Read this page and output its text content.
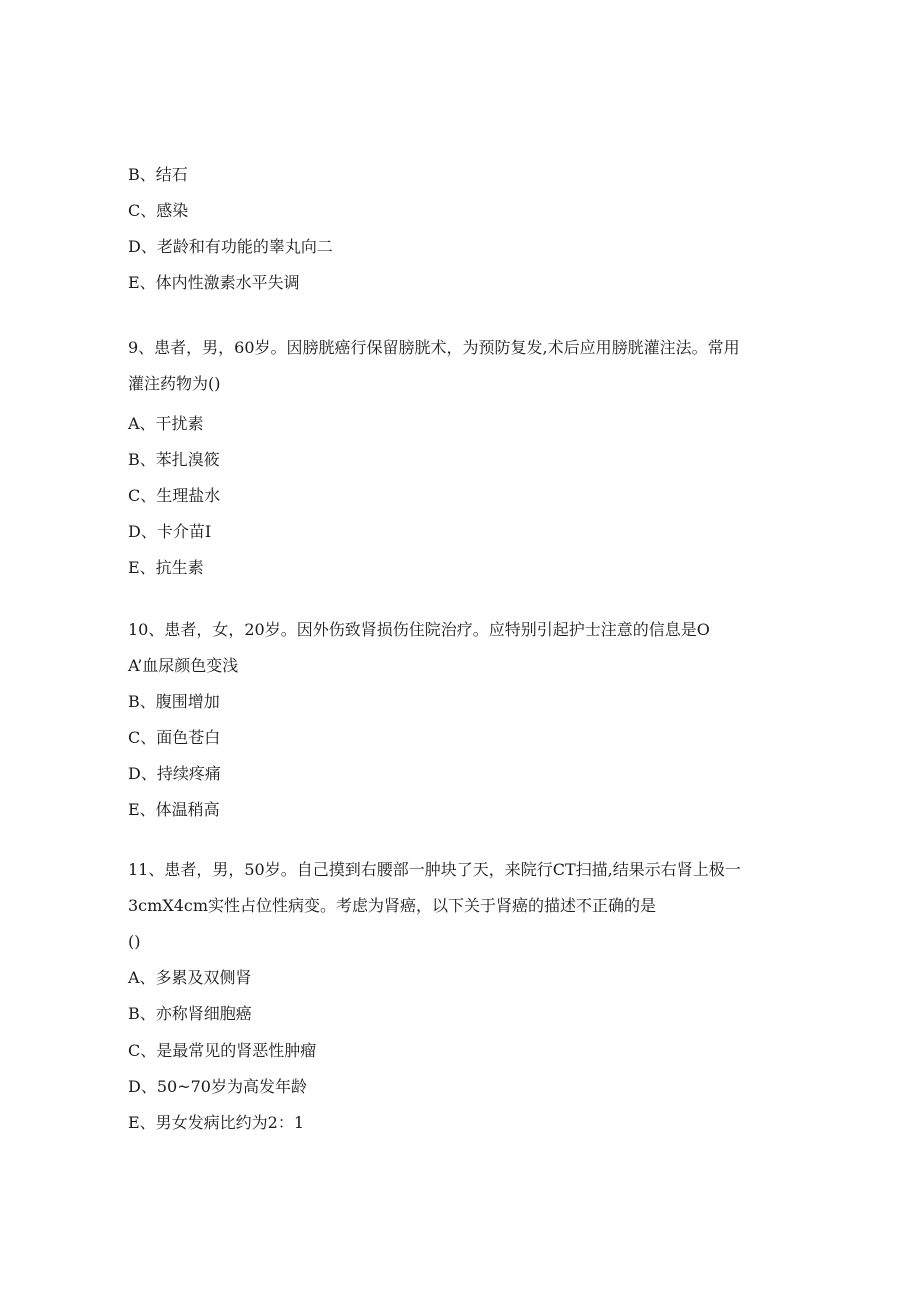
B、结石
C、感染
D、老龄和有功能的睾丸向二
E、体内性激素水平失调
9、患者，男，60岁。因膀胱癌行保留膀胱术，为预防复发,术后应用膀胱灌注法。常用
灌注药物为()
A、干扰素
B、苯扎溴筱
C、生理盐水
D、卡介苗I
E、抗生素
10、患者，女，20岁。因外伤致肾损伤住院治疗。应特别引起护士注意的信息是O
A’血尿颜色变浅
B、腹围增加
C、面色苍白
D、持续疼痛
E、体温稍高
11、患者，男，50岁。自己摸到右腰部一肿块了天，来院行CT扫描,结果示右肾上极一
3cmX4cm实性占位性病变。考虑为肾癌，以下关于肾癌的描述不正确的是
()
A、多累及双侧肾
B、亦称肾细胞癌
C、是最常见的肾恶性肿瘤
D、50~70岁为高发年龄
E、男女发病比约为2：1
